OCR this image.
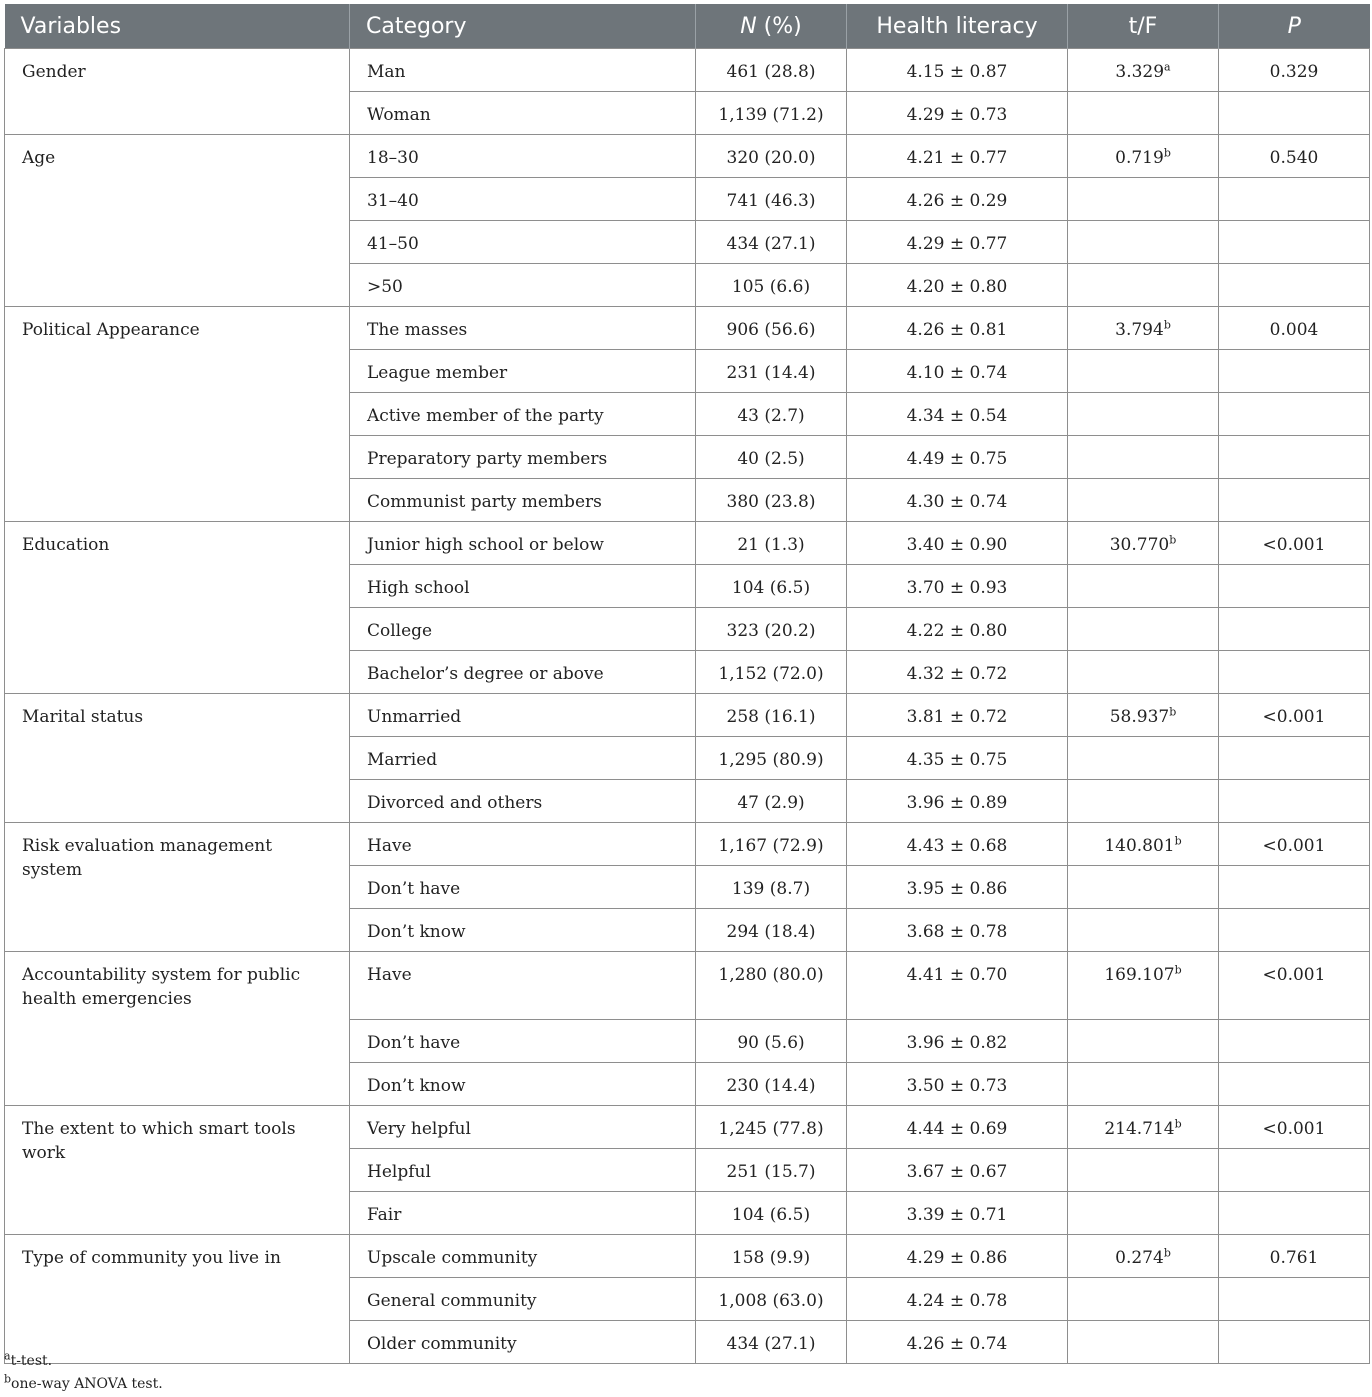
Variables	Category	N (%)	Health literacy	t/F	P
Gender	Man	461 (28.8)	4.15 ± 0.87	3.329$^a$	0.329
	Woman	1,139 (71.2)	4.29 ± 0.73		
Age	18–30	320 (20.0)	4.21 ± 0.77	0.719$^b$	0.540
	31–40	741 (46.3)	4.26 ± 0.29		
	41–50	434 (27.1)	4.29 ± 0.77		
	>50	105 (6.6)	4.20 ± 0.80		
Political Appearance	The masses	906 (56.6)	4.26 ± 0.81	3.794$^b$	0.004
	League member	231 (14.4)	4.10 ± 0.74		
	Active member of the party	43 (2.7)	4.34 ± 0.54		
	Preparatory party members	40 (2.5)	4.49 ± 0.75		
	Communist party members	380 (23.8)	4.30 ± 0.74		
Education	Junior high school or below	21 (1.3)	3.40 ± 0.90	30.770$^b$	<0.001
	High school	104 (6.5)	3.70 ± 0.93		
	College	323 (20.2)	4.22 ± 0.80		
	Bachelor’s degree or above	1,152 (72.0)	4.32 ± 0.72		
Marital status	Unmarried	258 (16.1)	3.81 ± 0.72	58.937$^b$	<0.001
	Married	1,295 (80.9)	4.35 ± 0.75		
	Divorced and others	47 (2.9)	3.96 ± 0.89		
Risk evaluation management system	Have	1,167 (72.9)	4.43 ± 0.68	140.801$^b$	<0.001
	Don’t have	139 (8.7)	3.95 ± 0.86		
	Don’t know	294 (18.4)	3.68 ± 0.78		
Accountability system for public health emergencies	Have	1,280 (80.0)	4.41 ± 0.70	169.107$^b$	<0.001
	Don’t have	90 (5.6)	3.96 ± 0.82		
	Don’t know	230 (14.4)	3.50 ± 0.73		
The extent to which smart tools work	Very helpful	1,245 (77.8)	4.44 ± 0.69	214.714$^b$	<0.001
	Helpful	251 (15.7)	3.67 ± 0.67		
	Fair	104 (6.5)	3.39 ± 0.71		
Type of community you live in	Upscale community	158 (9.9)	4.29 ± 0.86	0.274$^b$	0.761
	General community	1,008 (63.0)	4.24 ± 0.78		
	Older community	434 (27.1)	4.26 ± 0.74		
$^a$t-test.
$^b$one-way ANOVA test.
